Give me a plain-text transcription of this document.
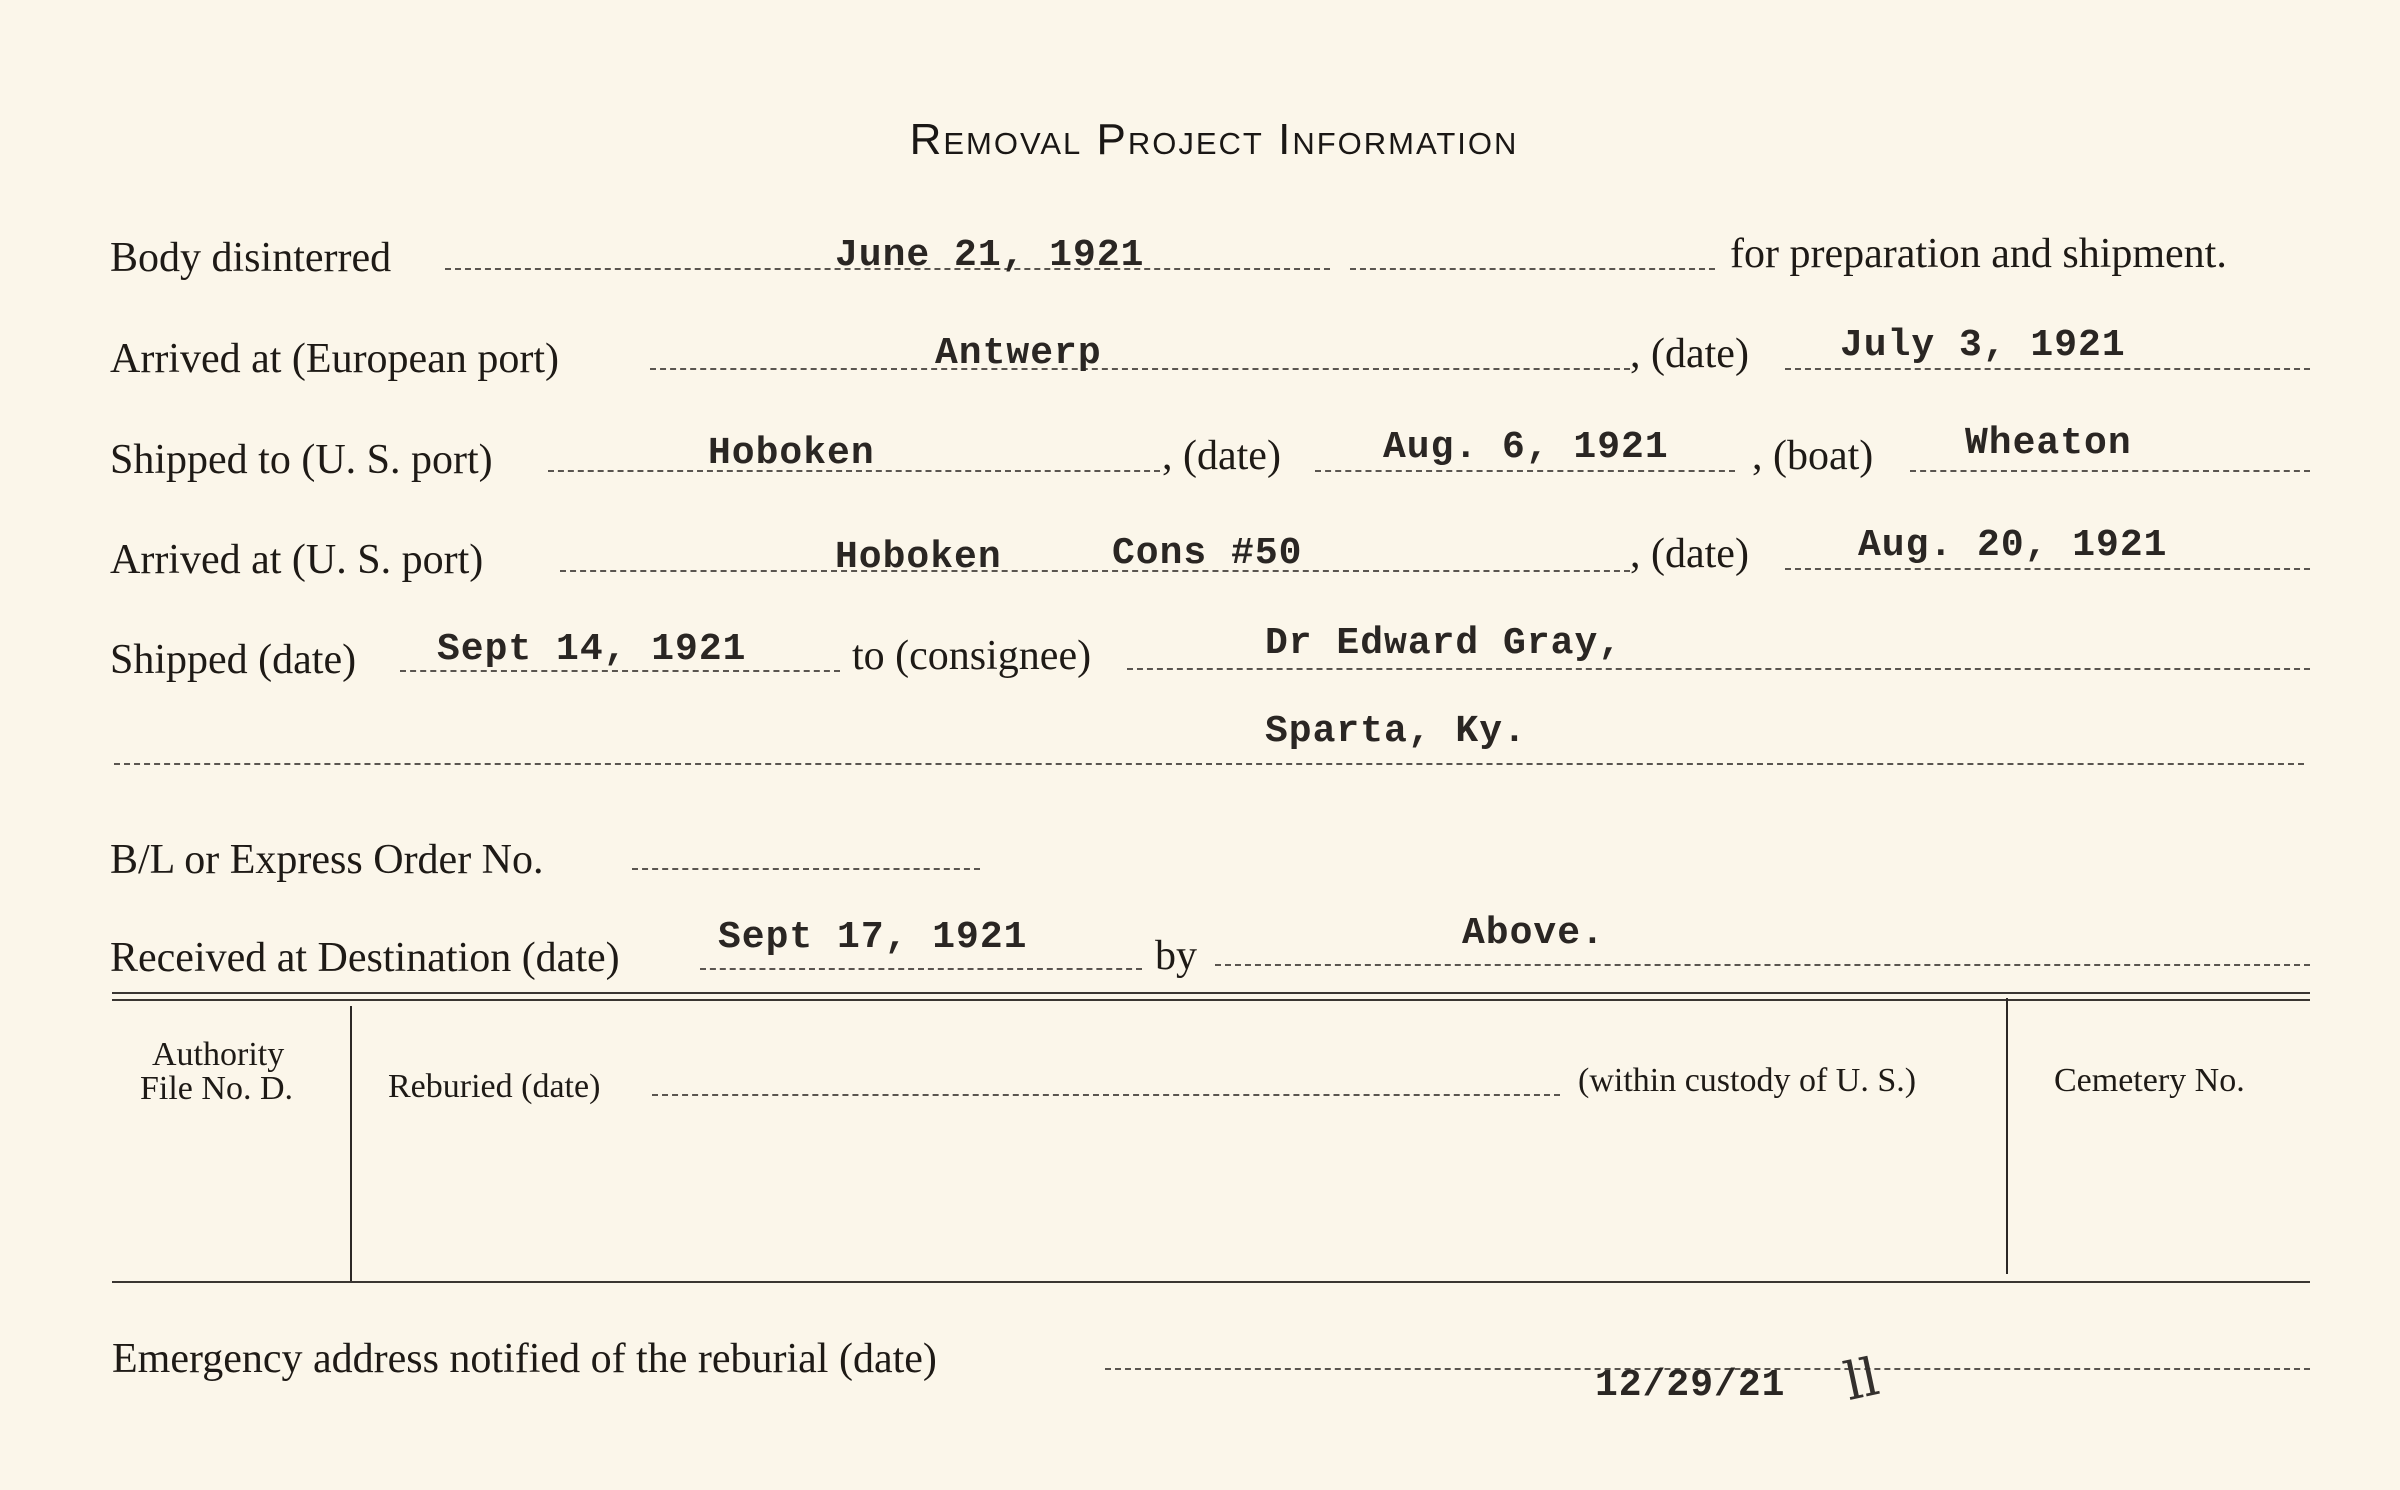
Removal Project Information
Body disinterred	June 21, 1921	for preparation and shipment.
Arrived at (European port)	Antwerp	, (date) July 3, 1921
Shipped to (U. S. port)	Hoboken	, (date)	Aug. 6, 1921 , (boat) Wheaton
Arrived at (U. S. port)	Hoboken	Cons #50	, (date)	Aug. 20, 1921
Shipped (date) Sept 14, 1921	to (consignee)	Dr Edward Gray,
Sparta, Ky.
B/L or Express Order No.
Received at Destination (date)	Sept 17, 1921	by	Above.
Authority
File No. D.	Reburied (date)	(within custody of U. S.)	Cemetery No.
Emergency address notified of the reburial (date)
12/29/21 ll
